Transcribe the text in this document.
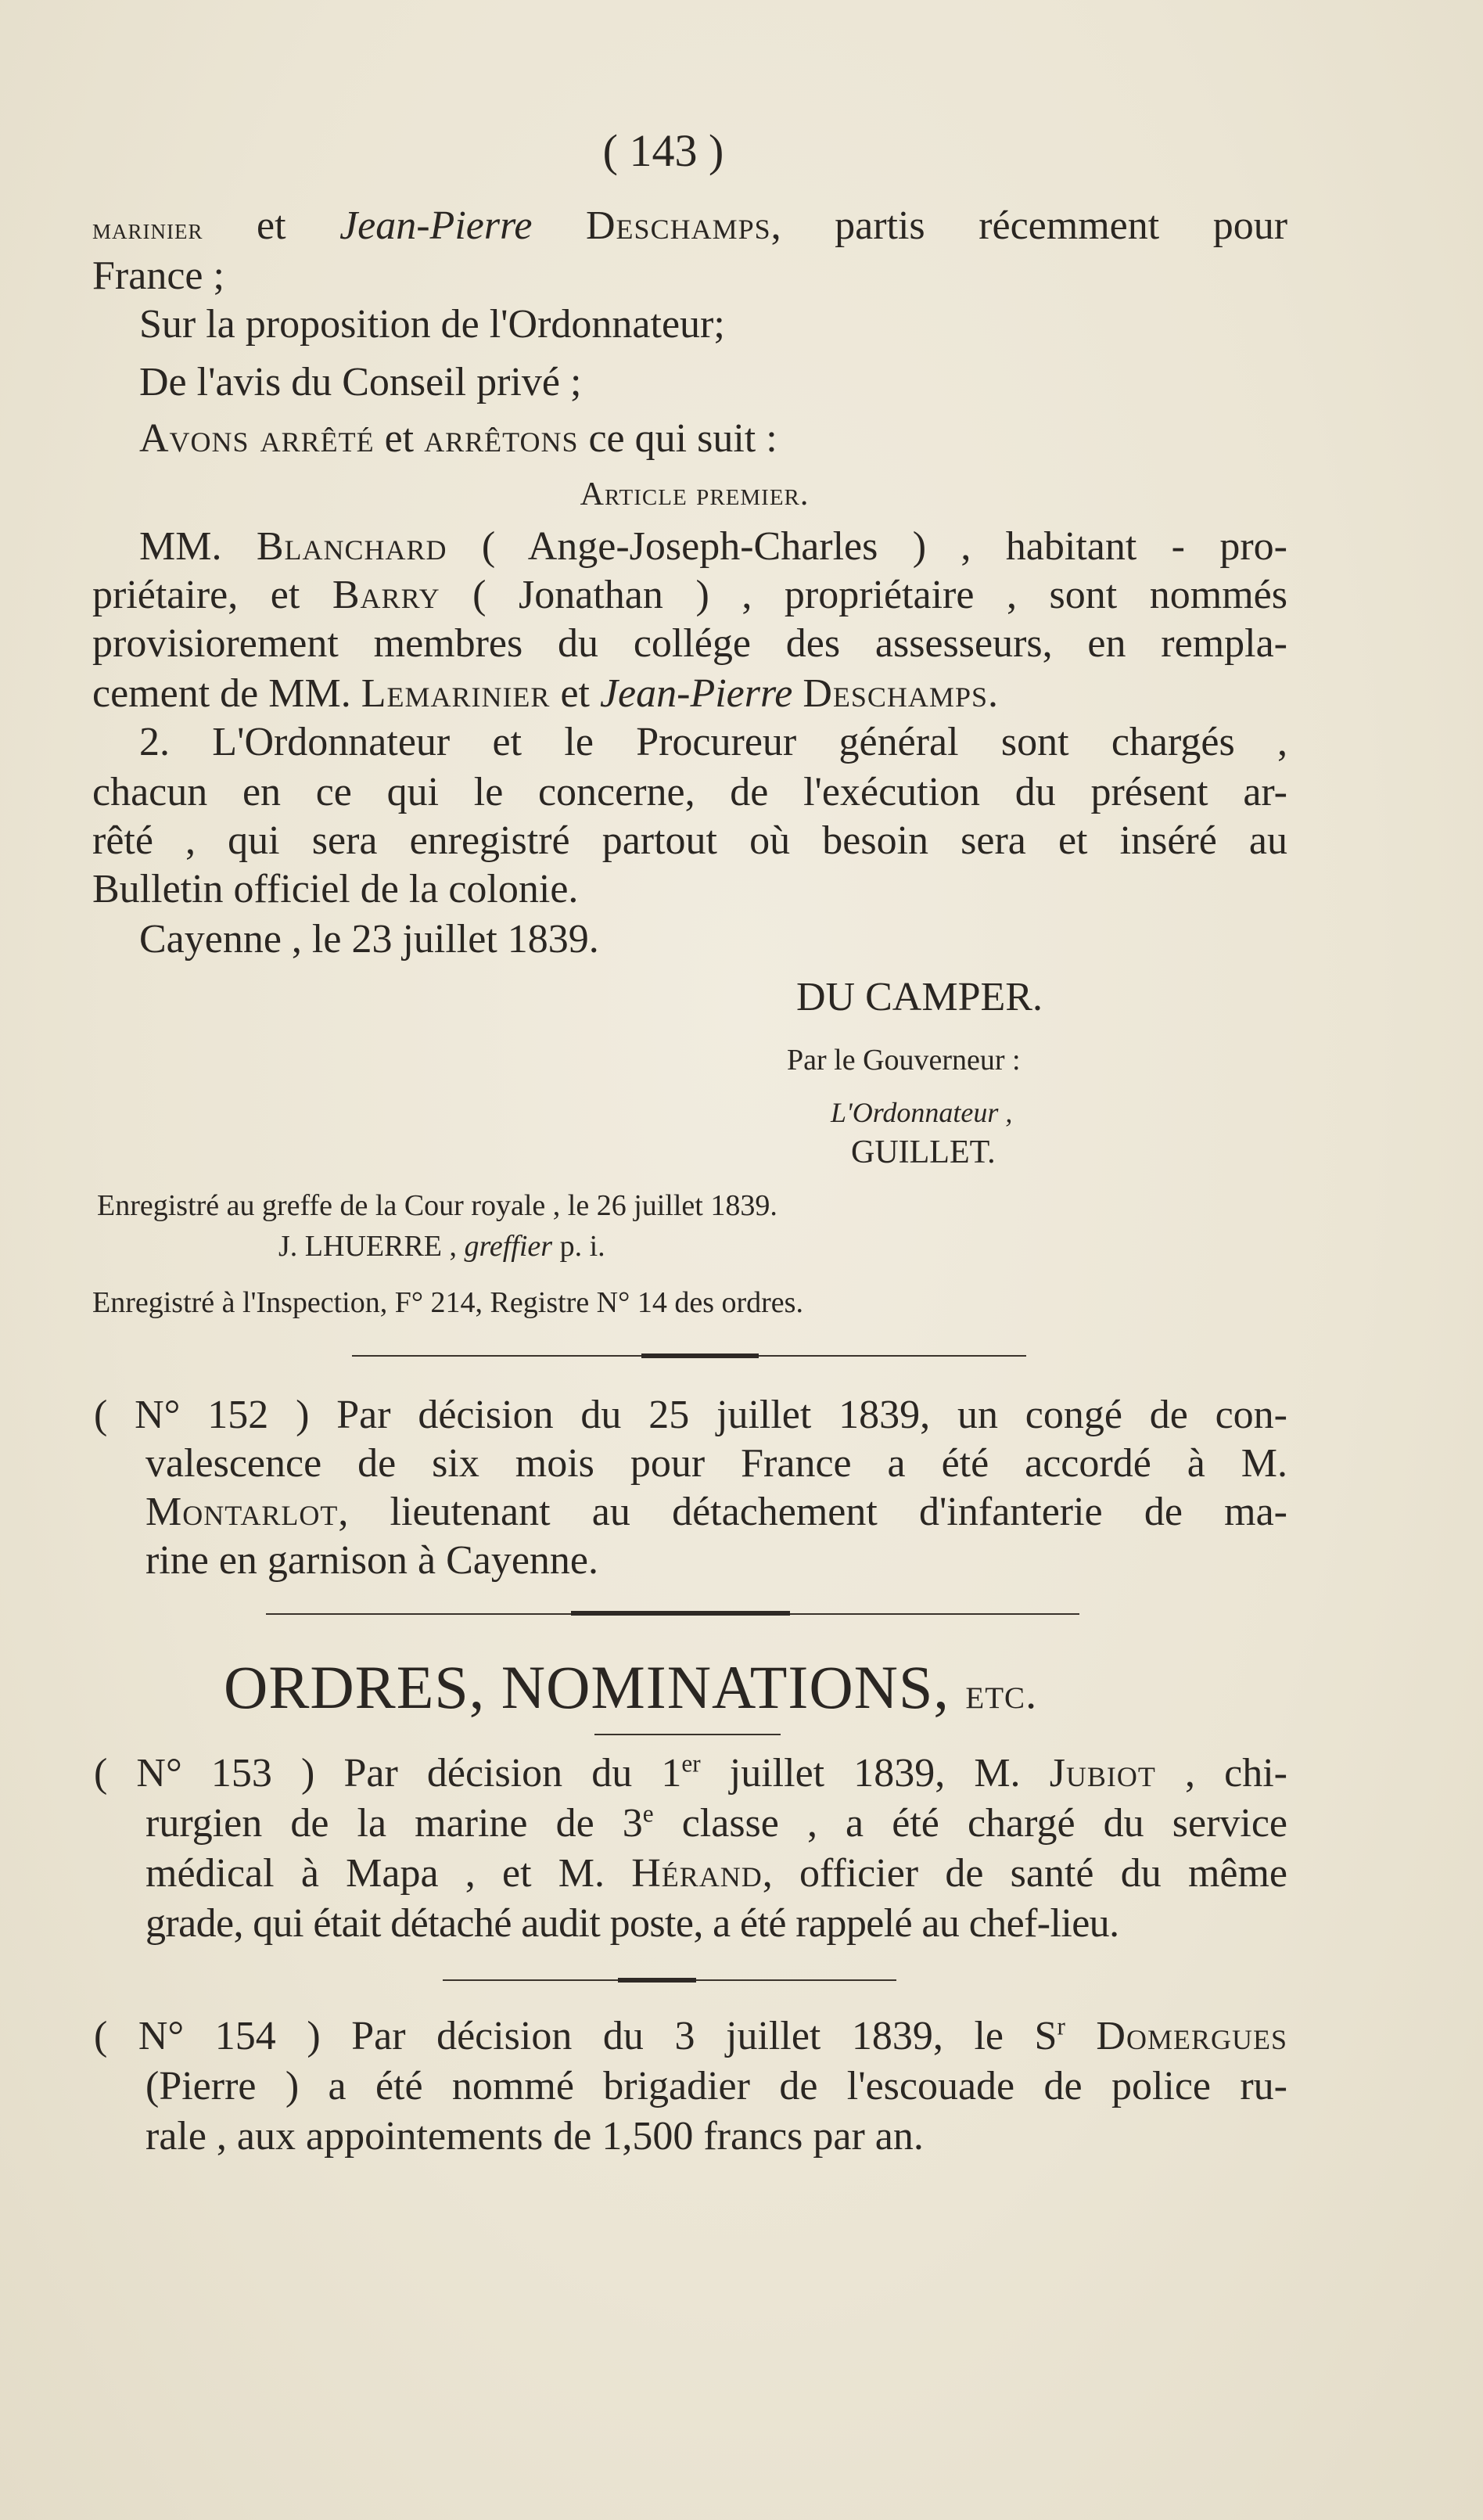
( 143 )
marinier et Jean-Pierre Deschamps, partis récemment pour
France ;
Sur la proposition de l'Ordonnateur;
De l'avis du Conseil privé ;
Avons arrêté et arrêtons ce qui suit :
Article premier.
MM. Blanchard ( Ange-Joseph-Charles ) , habitant - pro-
priétaire, et Barry ( Jonathan ) , propriétaire , sont nommés
provisiorement membres du collége des assesseurs, en rempla-
cement de MM. Lemarinier et Jean-Pierre Deschamps.
2. L'Ordonnateur et le Procureur général sont chargés ,
chacun en ce qui le concerne, de l'exécution du présent ar-
rêté , qui sera enregistré partout où besoin sera et inséré au
Bulletin officiel de la colonie.
Cayenne , le 23 juillet 1839.
DU CAMPER.
Par le Gouverneur :
L'Ordonnateur ,
GUILLET.
Enregistré au greffe de la Cour royale , le 26 juillet 1839.
J. LHUERRE , greffier p. i.
Enregistré à l'Inspection, F° 214, Registre N° 14 des ordres.
( N° 152 ) Par décision du 25 juillet 1839, un congé de con-
valescence de six mois pour France a été accordé à M.
Montarlot, lieutenant au détachement d'infanterie de ma-
rine en garnison à Cayenne.
ORDRES, NOMINATIONS, etc.
( N° 153 ) Par décision du 1er juillet 1839, M. Jubiot , chi-
rurgien de la marine de 3e classe , a été chargé du service
médical à Mapa , et M. Hérand, officier de santé du même
grade, qui était détaché audit poste, a été rappelé au chef-lieu.
( N° 154 ) Par décision du 3 juillet 1839, le $S^r$ Domergues
(Pierre ) a été nommé brigadier de l'escouade de police ru-
rale , aux appointements de 1,500 francs par an.
